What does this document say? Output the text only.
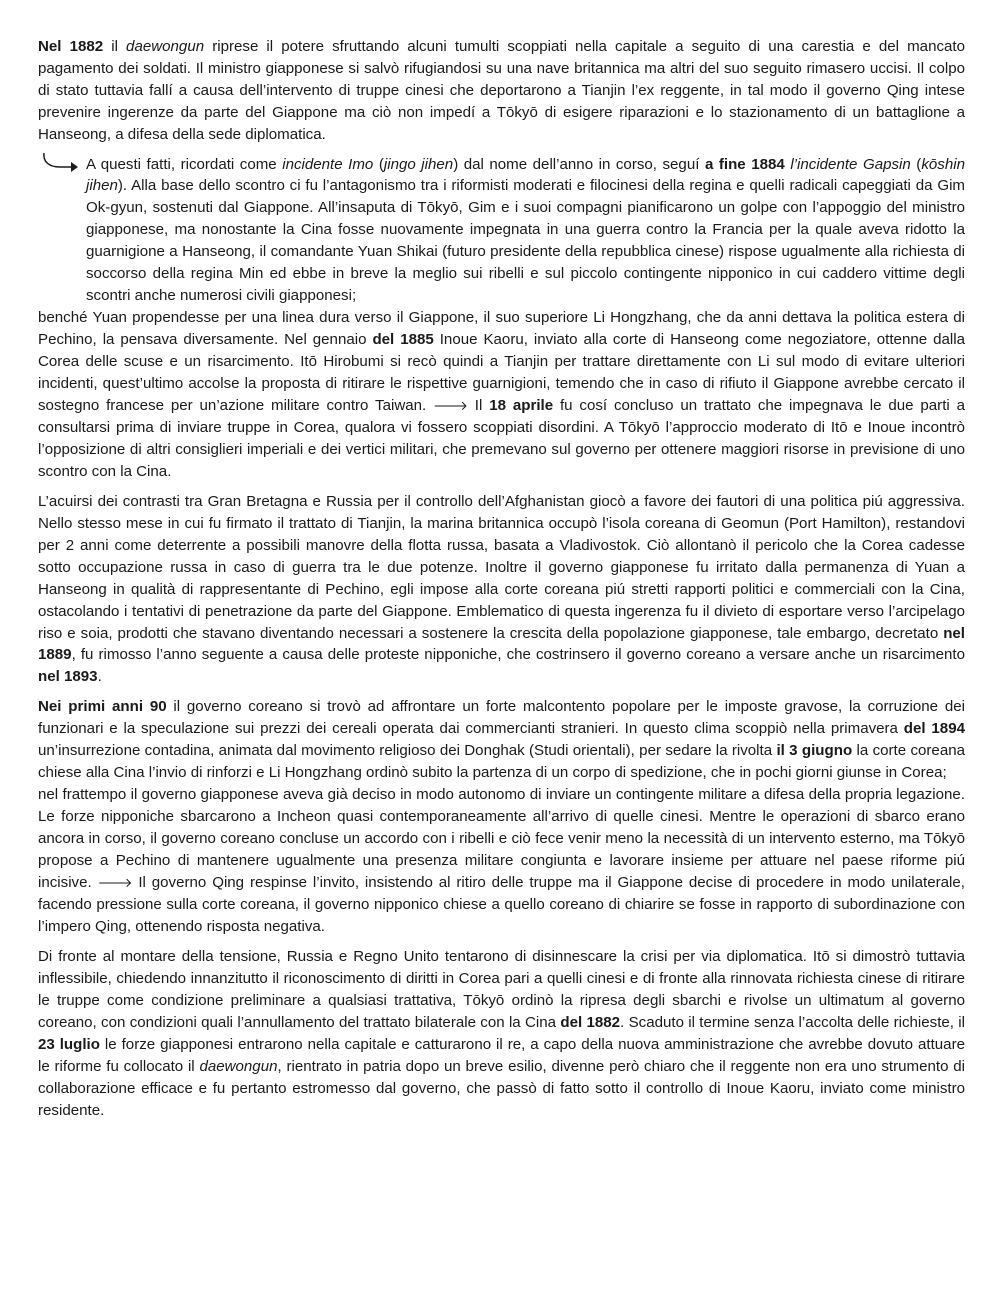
Nel 1882 il daewongun riprese il potere sfruttando alcuni tumulti scoppiati nella capitale a seguito di una carestia e del mancato pagamento dei soldati. Il ministro giapponese si salvò rifugiandosi su una nave britannica ma altri del suo seguito rimasero uccisi. Il colpo di stato tuttavia fallí a causa dell’intervento di truppe cinesi che deportarono a Tianjin l’ex reggente, in tal modo il governo Qing intese prevenire ingerenze da parte del Giappone ma ciò non impedí a Tōkyō di esigere riparazioni e lo stazionamento di un battaglione a Hanseong, a difesa della sede diplomatica.

A questi fatti, ricordati come incidente Imo (jingo jihen) dal nome dell’anno in corso, seguí a fine 1884 l’incidente Gapsin (kōshin jihen). Alla base dello scontro ci fu l’antagonismo tra i riformisti moderati e filocinesi della regina e quelli radicali capeggiati da Gim Ok-gyun, sostenuti dal Giappone. All’insaputa di Tōkyō, Gim e i suoi compagni pianificarono un golpe con l’appoggio del ministro giapponese, ma nonostante la Cina fosse nuovamente impegnata in una guerra contro la Francia per la quale aveva ridotto la guarnigione a Hanseong, il comandante Yuan Shikai (futuro presidente della repubblica cinese) rispose ugualmente alla richiesta di soccorso della regina Min ed ebbe in breve la meglio sui ribelli e sul piccolo contingente nipponico in cui caddero vittime degli scontri anche numerosi civili giapponesi;

benché Yuan propendesse per una linea dura verso il Giappone, il suo superiore Li Hongzhang, che da anni dettava la politica estera di Pechino, la pensava diversamente. Nel gennaio del 1885 Inoue Kaoru, inviato alla corte di Hanseong come negoziatore, ottenne dalla Corea delle scuse e un risarcimento. Itō Hirobumi si recò quindi a Tianjin per trattare direttamente con Li sul modo di evitare ulteriori incidenti, quest’ultimo accolse la proposta di ritirare le rispettive guarnigioni, temendo che in caso di rifiuto il Giappone avrebbe cercato il sostegno francese per un’azione militare contro Taiwan. 🡒 Il 18 aprile fu cosí concluso un trattato che impegnava le due parti a consultarsi prima di inviare truppe in Corea, qualora vi fossero scoppiati disordini. A Tōkyō l’approccio moderato di Itō e Inoue incontrò l’opposizione di altri consiglieri imperiali e dei vertici militari, che premevano sul governo per ottenere maggiori risorse in previsione di uno scontro con la Cina.

L’acuirsi dei contrasti tra Gran Bretagna e Russia per il controllo dell’Afghanistan giocò a favore dei fautori di una politica piú aggressiva. Nello stesso mese in cui fu firmato il trattato di Tianjin, la marina britannica occupò l’isola coreana di Geomun (Port Hamilton), restandovi per 2 anni come deterrente a possibili manovre della flotta russa, basata a Vladivostok. Ciò allontanò il pericolo che la Corea cadesse sotto occupazione russa in caso di guerra tra le due potenze. Inoltre il governo giapponese fu irritato dalla permanenza di Yuan a Hanseong in qualità di rappresentante di Pechino, egli impose alla corte coreana piú stretti rapporti politici e commerciali con la Cina, ostacolando i tentativi di penetrazione da parte del Giappone. Emblematico di questa ingerenza fu il divieto di esportare verso l’arcipelago riso e soia, prodotti che stavano diventando necessari a sostenere la crescita della popolazione giapponese, tale embargo, decretato nel 1889, fu rimosso l’anno seguente a causa delle proteste nipponiche, che costrinsero il governo coreano a versare anche un risarcimento nel 1893.

Nei primi anni 90 il governo coreano si trovò ad affrontare un forte malcontento popolare per le imposte gravose, la corruzione dei funzionari e la speculazione sui prezzi dei cereali operata dai commercianti stranieri. In questo clima scoppiò nella primavera del 1894 un’insurrezione contadina, animata dal movimento religioso dei Donghak (Studi orientali), per sedare la rivolta il 3 giugno la corte coreana chiese alla Cina l’invio di rinforzi e Li Hongzhang ordinò subito la partenza di un corpo di spedizione, che in pochi giorni giunse in Corea;

nel frattempo il governo giapponese aveva già deciso in modo autonomo di inviare un contingente militare a difesa della propria legazione. Le forze nipponiche sbarcarono a Incheon quasi contemporaneamente all’arrivo di quelle cinesi. Mentre le operazioni di sbarco erano ancora in corso, il governo coreano concluse un accordo con i ribelli e ciò fece venir meno la necessità di un intervento esterno, ma Tōkyō propose a Pechino di mantenere ugualmente una presenza militare congiunta e lavorare insieme per attuare nel paese riforme piú incisive. 🡒 Il governo Qing respinse l’invito, insistendo al ritiro delle truppe ma il Giappone decise di procedere in modo unilaterale, facendo pressione sulla corte coreana, il governo nipponico chiese a quello coreano di chiarire se fosse in rapporto di subordinazione con l’impero Qing, ottenendo risposta negativa.

Di fronte al montare della tensione, Russia e Regno Unito tentarono di disinnescare la crisi per via diplomatica. Itō si dimostrò tuttavia inflessibile, chiedendo innanzitutto il riconoscimento di diritti in Corea pari a quelli cinesi e di fronte alla rinnovata richiesta cinese di ritirare le truppe come condizione preliminare a qualsiasi trattativa, Tōkyō ordinò la ripresa degli sbarchi e rivolse un ultimatum al governo coreano, con condizioni quali l’annullamento del trattato bilaterale con la Cina del 1882. Scaduto il termine senza l’accolta delle richieste, il 23 luglio le forze giapponesi entrarono nella capitale e catturarono il re, a capo della nuova amministrazione che avrebbe dovuto attuare le riforme fu collocato il daewongun, rientrato in patria dopo un breve esilio, divenne però chiaro che il reggente non era uno strumento di collaborazione efficace e fu pertanto estromesso dal governo, che passò di fatto sotto il controllo di Inoue Kaoru, inviato come ministro residente.
